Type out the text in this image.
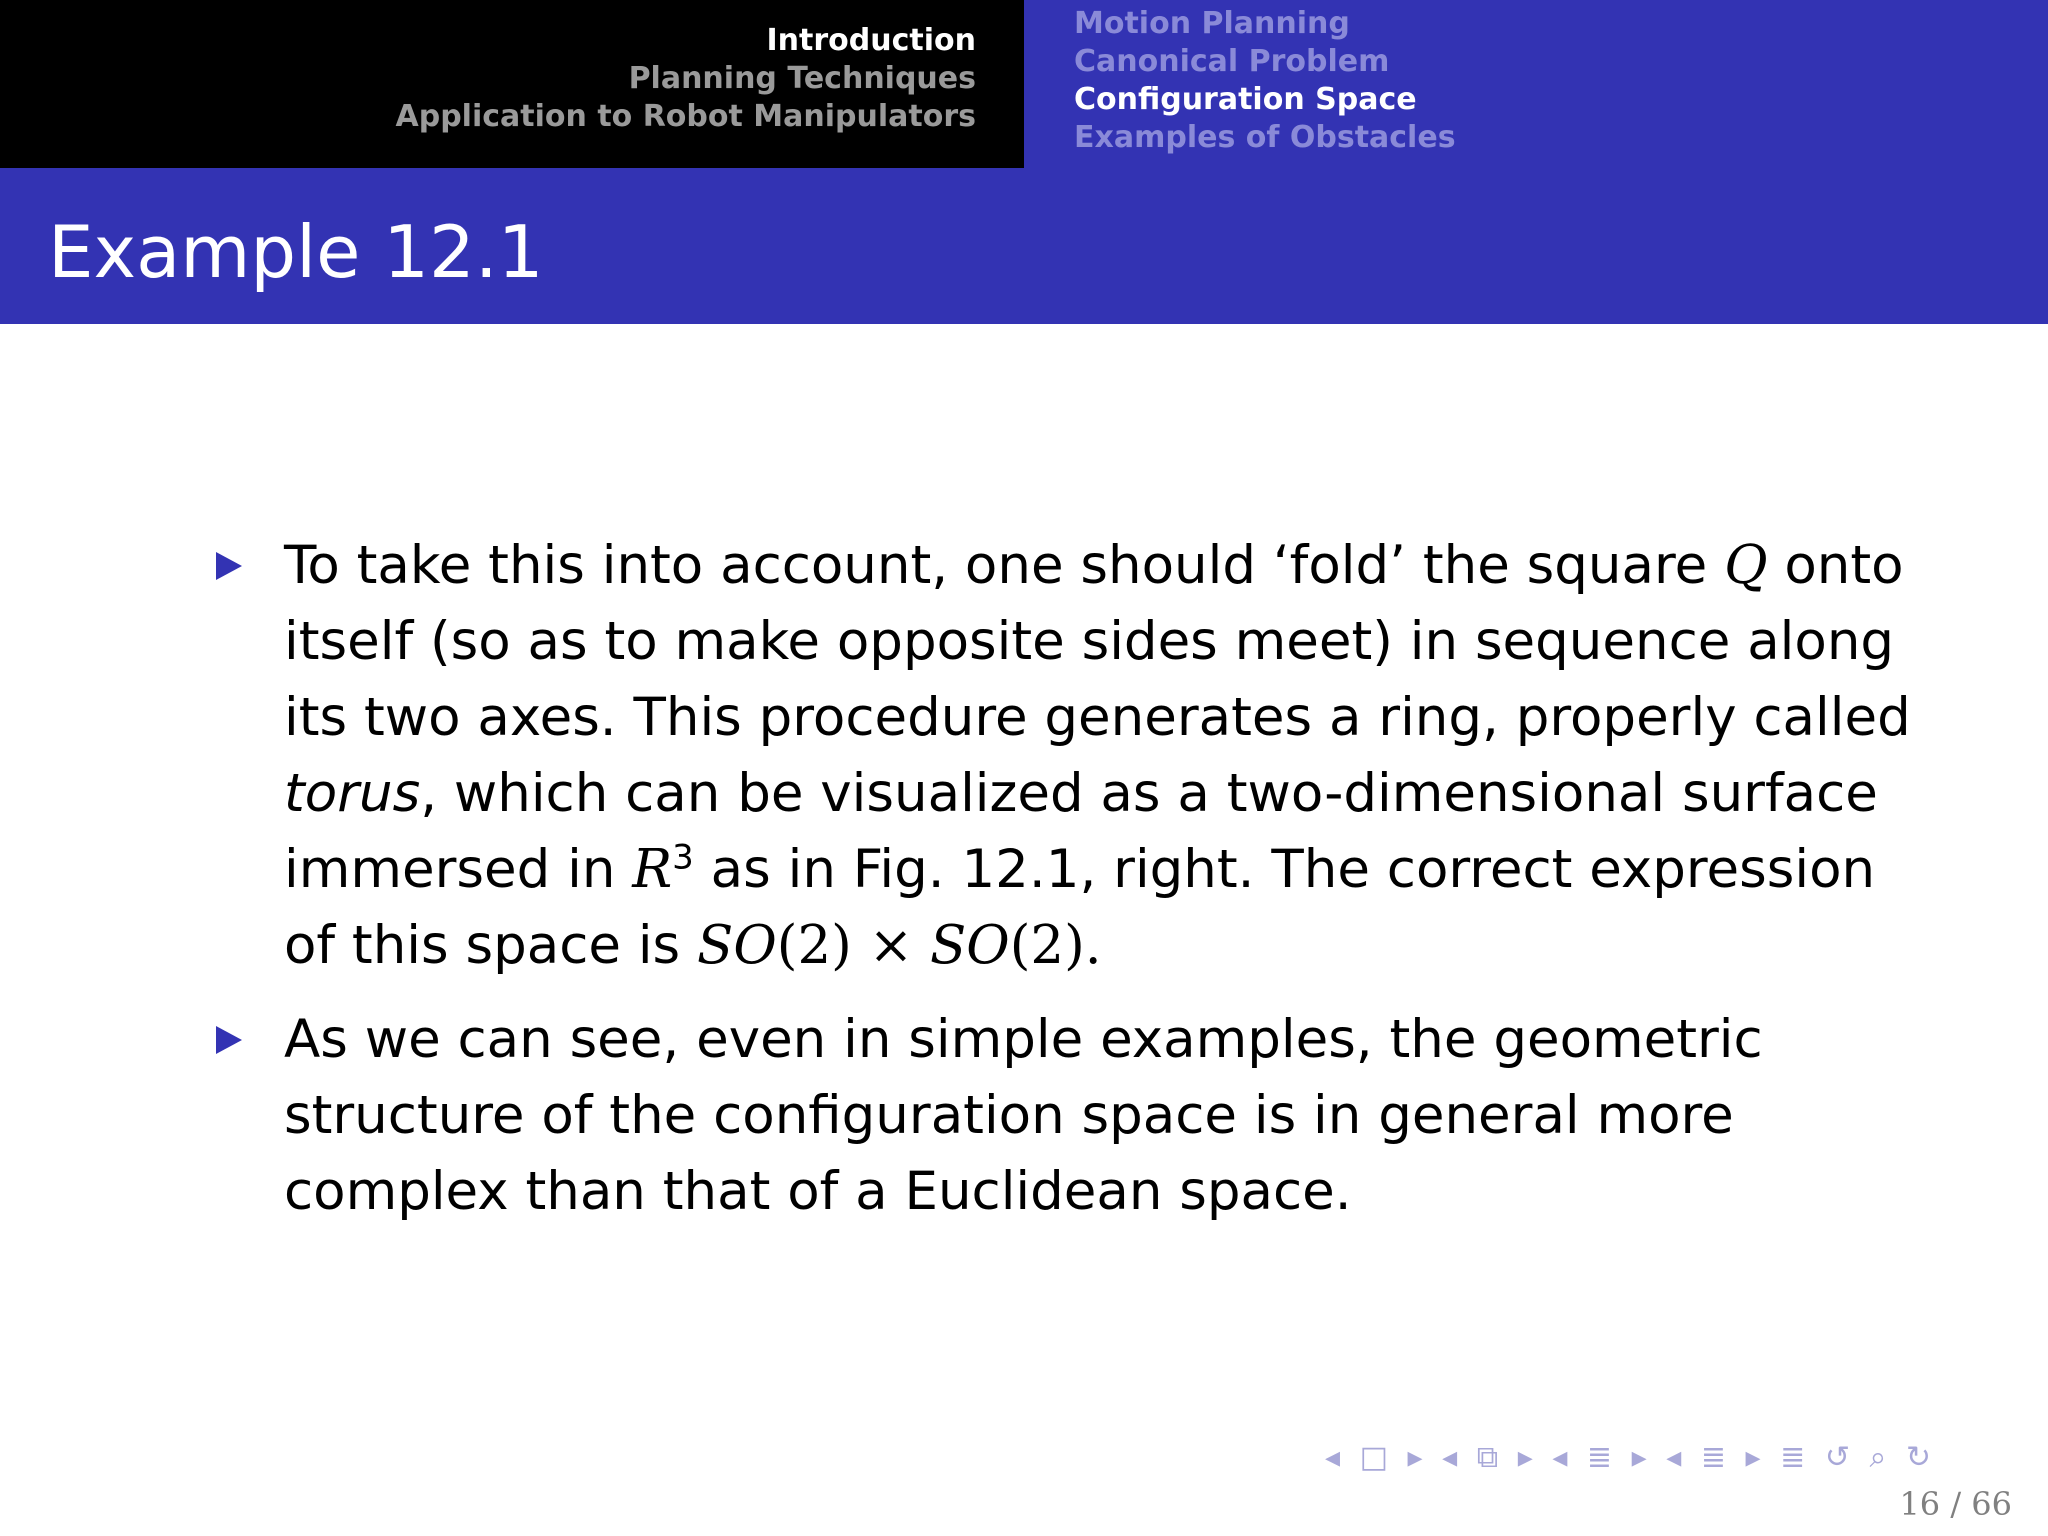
Introduction
Planning Techniques
Application to Robot Manipulators
Motion Planning
Canonical Problem
Configuration Space
Examples of Obstacles
Example 12.1
To take this into account, one should ‘fold’ the square Q onto
itself (so as to make opposite sides meet) in sequence along
its two axes. This procedure generates a ring, properly called
torus, which can be visualized as a two-dimensional surface
immersed in $R^3$ as in Fig. 12.1, right. The correct expression
of this space is SO(2) × SO(2).
As we can see, even in simple examples, the geometric
structure of the configuration space is in general more
complex than that of a Euclidean space.
◂ □ ▸ ◂ ⧉ ▸ ◂ ≣ ▸ ◂ ≣ ▸ ≣ ↺ ⌕ ↻
16 / 66
